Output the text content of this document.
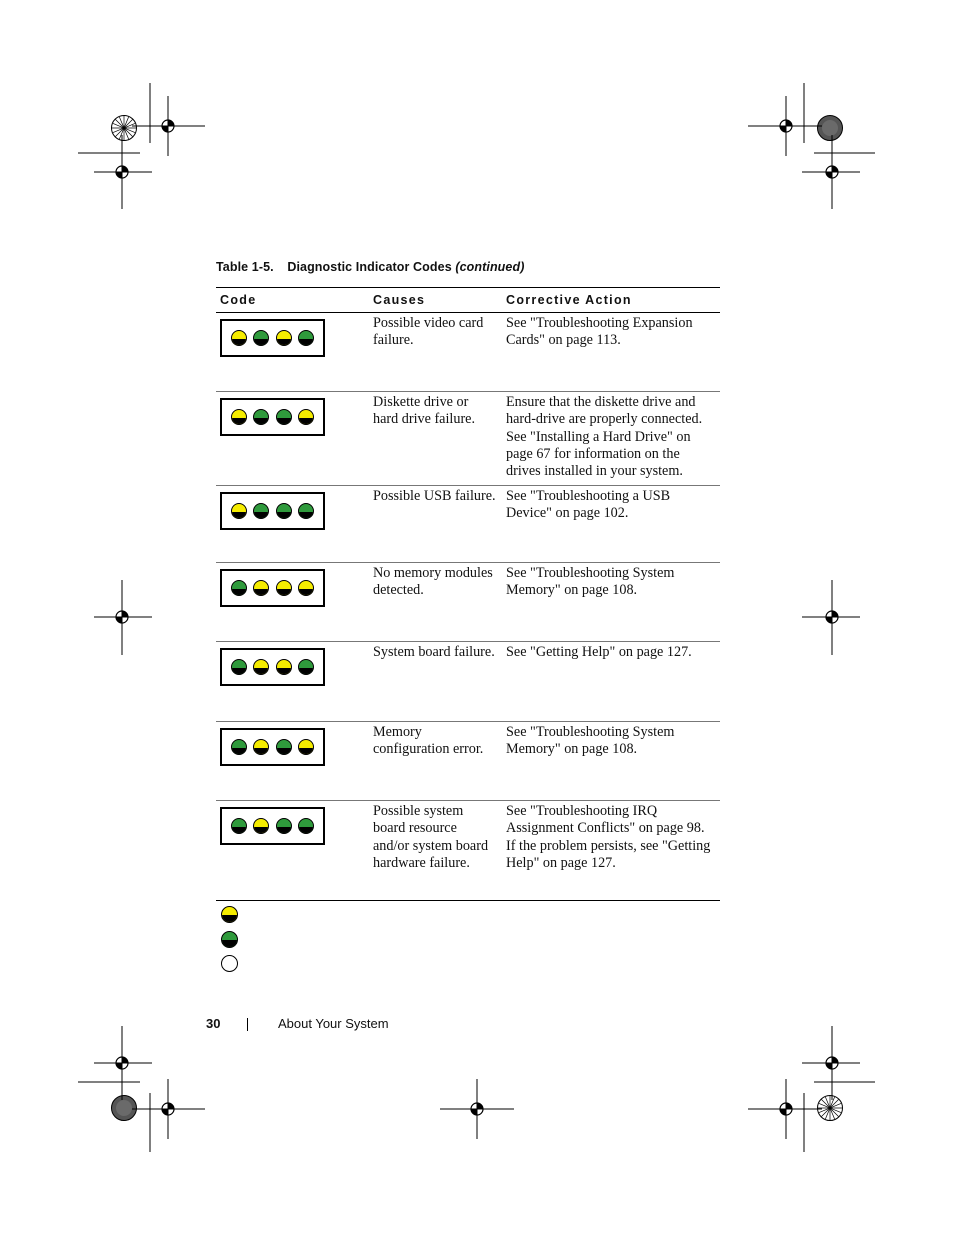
Table 1-5. Diagnostic Indicator Codes (continued)
Code	Causes	Corrective Action

	Possible video card failure.	See "Troubleshooting Expansion Cards" on page 113.

	Diskette drive or hard drive failure.	Ensure that the diskette drive and hard-drive are properly connected. See "Installing a Hard Drive" on page 67 for information on the drives installed in your system.

	Possible USB failure.	See "Troubleshooting a USB Device" on page 102.

	No memory modules detected.	See "Troubleshooting System Memory" on page 108.

	System board failure.	See "Getting Help" on page 127.

	Memory configuration error.	See "Troubleshooting System Memory" on page 108.

	Possible system board resource and/or system board hardware failure.	See "Troubleshooting IRQ Assignment Conflicts" on page 98. If the problem persists, see "Getting Help" on page 127.
30	About Your System
